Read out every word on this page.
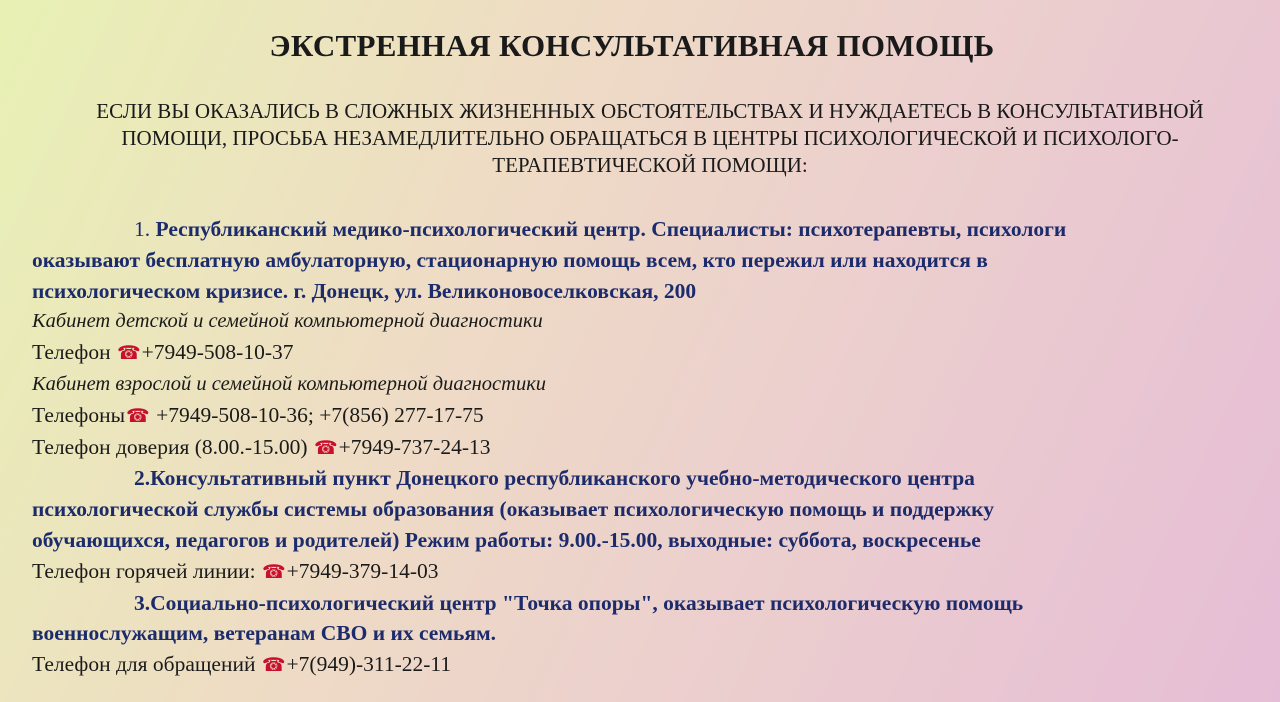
ЭКСТРЕННАЯ КОНСУЛЬТАТИВНАЯ ПОМОЩЬ
ЕСЛИ ВЫ ОКАЗАЛИСЬ В СЛОЖНЫХ ЖИЗНЕННЫХ ОБСТОЯТЕЛЬСТВАХ И НУЖДАЕТЕСЬ В КОНСУЛЬТАТИВНОЙ
ПОМОЩИ, ПРОСЬБА НЕЗАМЕДЛИТЕЛЬНО ОБРАЩАТЬСЯ В ЦЕНТРЫ ПСИХОЛОГИЧЕСКОЙ И ПСИХОЛОГО-
ТЕРАПЕВТИЧЕСКОЙ ПОМОЩИ:
1. Республиканский медико-психологический центр. Специалисты: психотерапевты, психологи
оказывают бесплатную амбулаторную, стационарную помощь всем, кто пережил или находится в
психологическом кризисе. г. Донецк, ул. Великоновоселковская, 200
Кабинет детской и семейной компьютерной диагностики
Телефон ☎+7949-508-10-37
Кабинет взрослой и семейной компьютерной диагностики
Телефоны☎ +7949-508-10-36; +7(856) 277-17-75
Телефон доверия (8.00.-15.00) ☎+7949-737-24-13
2.Консультативный пункт Донецкого республиканского учебно-методического центра
психологической службы системы образования (оказывает психологическую помощь и поддержку
обучающихся, педагогов и родителей) Режим работы: 9.00.-15.00, выходные: суббота, воскресенье
Телефон горячей линии: ☎+7949-379-14-03
3.Социально-психологический центр "Точка опоры", оказывает психологическую помощь
военнослужащим, ветеранам СВО и их семьям.
Телефон для обращений ☎+7(949)-311-22-11
